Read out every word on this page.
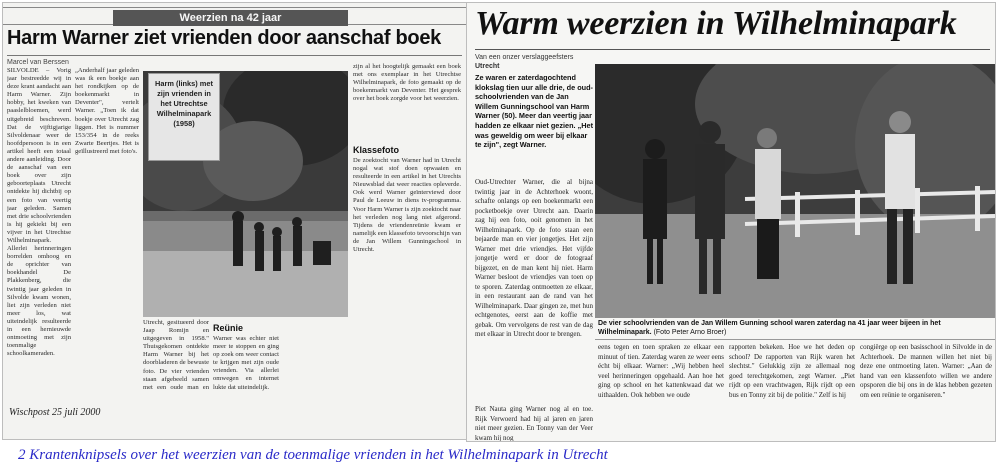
Weerzien na 42 jaar
Harm Warner ziet vrienden door aanschaf boek
Marcel van Berssen

SILVOLDE – Vorig jaar bestreedde wij in deze krant aandacht aan Harm Warner. Zijn hobby, het kweken van paaslelbloemen, werd uitgebreid beschreven. Dat de vijftigjarige Silvoldenaar weer de hoofdpersoon is in een artikel heeft een totaal andere aanleiding. Door de aanschaf van een boek over zijn geboorteplaats Utrecht ontdekte hij dichtbij op een foto van veertig jaar geleden. Samen met drie schoolvrienden is hij gekiekt bij een vijver in het Utrechtse Wilhelminapark. Allerlei herinneringen borrelden omhoog en de oprichter van boekhandel De Plakkenberg, die twintig jaar geleden in Silvolde kwam wonen, liet zijn verleden niet meer los, wat uiteindelijk resulteerde in een hernieuwde ontmoeting met zijn toenmalige schoolkameraden.

„Anderhalf jaar geleden was ik een boekje aan het rondkijken op de boekenmarkt in Deventer", vertelt Warner. „Toen ik dat boekje over Utrecht zag liggen. Het is nummer 153/354 in de reeks Zwarte Beertjes. Het is geïllustreerd met foto's.

Harm (links) met zijn vrienden in het Utrechtse Wilhelminapark (1958)

Utrecht, gesitueerd door Jaap Romijn en uitgegeven in 1958." Thuisgekomen ontdekte Harm Warner bij het doorbladeren de bewuste foto. De vier vrienden staan afgebeeld samen met een oude man en

Reünie

Warner was echter niet meer te stoppen en ging op zoek om weer contact te krijgen met zijn oude vrienden. Via allerlei omwegen en internet lukte dat uiteindelijk.

zijn al het hoogtelijk gemaakt een boek met ons exemplaar in het Utrechtse Wilhelminapark, de foto gemaakt op de boekenmarkt van Deventer. Het gesprek over het boek zorgde voor het weerzien.

Klassefoto

De zoektocht van Warner had in Utrecht nogal wat stof doen opwaaien en resulteerde in een artikel in het Utrechts Nieuwsblad dat weer reacties opleverde. Ook werd Warner geïnterviewd door Paul de Leeuw in diens tv-programma. Voor Harm Warner is zijn zoektocht naar het verleden nog lang niet afgerond. Tijdens de vriendenreünie kwam er namelijk een klassefoto tevoorschijn van de Jan Willem Gunningschool in Utrecht.

Wischpost 25 juli 2000
Warm weerzien in Wilhelminapark
Van een onzer verslaggeefsters
Utrecht
Ze waren er zaterdagochtend klokslag tien uur alle drie, de oud-schoolvrienden van de Jan Willem Gunningschool van Harm Warner (50). Meer dan veertig jaar hadden ze elkaar niet gezien. „Het was geweldig om weer bij elkaar te zijn", zegt Warner.

Oud-Utrechter Warner, die al bijna twintig jaar in de Achterhoek woont, schafte onlangs op een boekenmarkt een pocketboekje over Utrecht aan. Daarin zag hij een foto, ooit genomen in het Wilhelminapark. Op de foto staan een bejaarde man en vier jongetjes. Het zijn Warner met drie vriendjes. Het vijfde jongetje werd er door de fotograaf bijgezet, en de man kent hij niet. Harm Warner besloot de vriendjes van toen op te sporen. Zaterdag ontmoetten ze elkaar, in een restaurant aan de rand van het Wilhelminapark. Daar gingen ze, met hun echtgenotes, eerst aan de koffie met gebak. Om vervolgens de rest van de dag met elkaar in Utrecht door te brengen.

Piet Nauta ging Warner nog al en toe. Rijk Verwoerd had hij al jaren en jaren niet meer gezien. En Tonny van der Veer kwam hij nog

De vier schoolvrienden van de Jan Willem Gunning school waren zaterdag na 41 jaar weer bijeen in het Wilhelminapark. (Foto Peter Arno Broer)

eens tegen en toen spraken ze elkaar een minuut of tien. Zaterdag waren ze weer eens écht bij elkaar. Warner: „Wij hebben heel veel herinneringen opgehaald. Aan hoe het ging op school en het kattenkwaad dat we uithaalden. Ook hebben we oude

rapporten bekeken. Hoe we het deden op school? De rapporten van Rijk waren het slechtst." Gelukkig zijn ze allemaal nog goed terechtgekomen, zegt Warner. „Piet rijdt op een vrachtwagen, Rijk rijdt op een bus en Tonny zit bij de politie." Zelf is hij

congiërge op een basisschool in Silvolde in de Achterhoek. De mannen willen het niet bij deze ene ontmoeting laten. Warner: „Aan de hand van een klassenfoto willen we andere opsporen die bij ons in de klas hebben gezeten om een reünie te organiseren."

2 Krantenknipsels over het weerzien van de toenmalige vrienden in het Wilhelminapark in Utrecht
